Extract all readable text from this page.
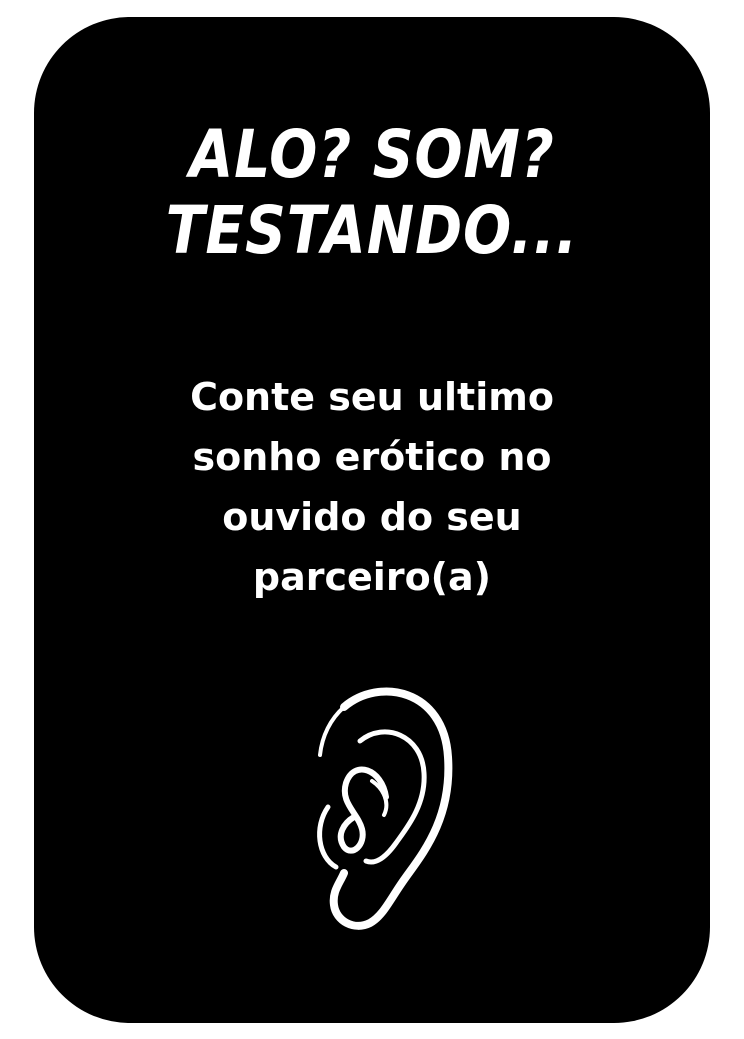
ALO? SOM?
TESTANDO...
Conte seu ultimo
sonho erótico no
ouvido do seu
parceiro(a)
